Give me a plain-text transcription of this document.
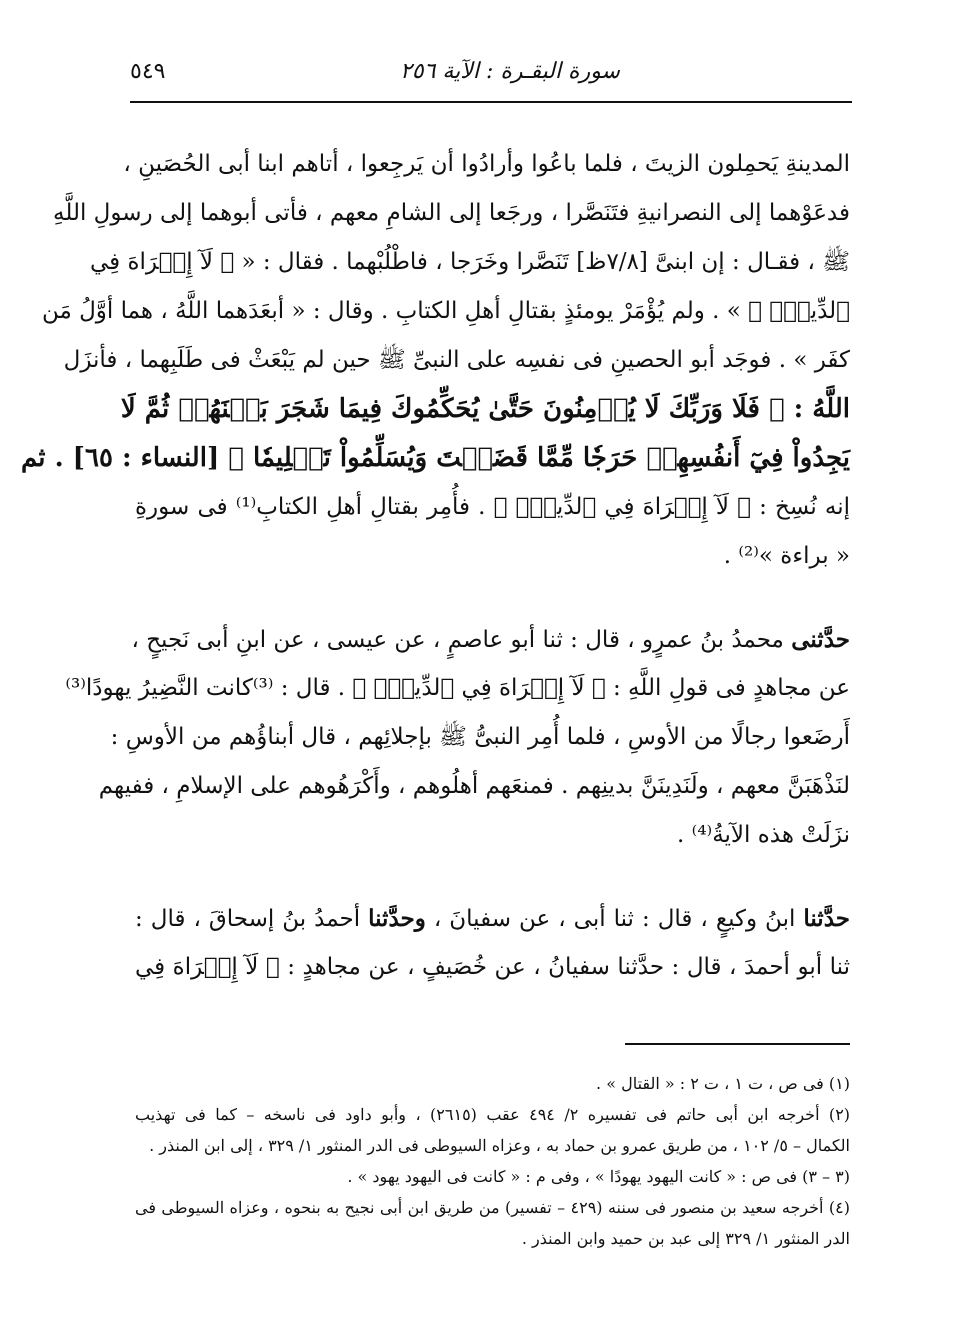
سورة البقـرة : الآية ٢٥٦
٥٤٩
المدينةِ يَحمِلون الزيتَ ، فلما باعُوا وأرادُوا أن يَرجِعوا ، أتاهم ابنا أبى الحُصَينِ ،
فدعَوْهما إلى النصرانيةِ فتَنَصَّرا ، ورجَعا إلى الشامِ معهم ، فأتى أبوهما إلى رسولِ اللَّهِ
ﷺ ، فقـال : إن ابنىَّ [٧/٨ظ] تَنَصَّرا وخَرَجا ، فاطْلُبْهما . فقال : « ﴿ لَآ إِكۡرَاهَ فِي
ٱلدِّينِۖ ﴾ » . ولم يُؤْمَرْ يومئذٍ بقتالِ أهلِ الكتابِ . وقال : « أبعَدَهما اللَّهُ ، هما أوَّلُ مَن
كفَر » . فوجَد أبو الحصينِ فى نفسِه على النبىِّ ﷺ حين لم يَبْعَثْ فى طَلَبِهما ، فأنزَل
اللَّهُ : ﴿ فَلَا وَرَبِّكَ لَا يُؤۡمِنُونَ حَتَّىٰ يُحَكِّمُوكَ فِيمَا شَجَرَ بَيۡنَهُمۡ ثُمَّ لَا
يَجِدُواْ فِيٓ أَنفُسِهِمۡ حَرَجٗا مِّمَّا قَضَيۡتَ وَيُسَلِّمُواْ تَسۡلِيمٗا ﴾ [النساء : ٦٥] . ثم
إنه نُسِخ : ﴿ لَآ إِكۡرَاهَ فِي ٱلدِّينِۖ ﴾ . فأُمِر بقتالِ أهلِ الكتابِ⁽¹⁾ فى سورةِ
« براءة »⁽²⁾ .
حدَّثنى محمدُ بنُ عمرٍو ، قال : ثنا أبو عاصمٍ ، عن عيسى ، عن ابنِ أبى نَجيحٍ ،
عن مجاهدٍ فى قولِ اللَّهِ : ﴿ لَآ إِكۡرَاهَ فِي ٱلدِّينِۖ ﴾ . قال : ⁽³⁾كانت النَّضِيرُ يهودًا⁽³⁾
أَرضَعوا رجالًا من الأوسِ ، فلما أُمِر النبىُّ ﷺ بإجلائِهم ، قال أبناؤُهم من الأوسِ :
لنَذْهَبَنَّ معهم ، ولَنَدِينَنَّ بدينِهم . فمنعَهم أهلُوهم ، وأَكْرَهُوهم على الإسلامِ ، ففيهم
نزَلَتْ هذه الآيةُ⁽⁴⁾ .
حدَّثنا ابنُ وكيعٍ ، قال : ثنا أبى ، عن سفيانَ ، وحدَّثنا أحمدُ بنُ إسحاقَ ، قال :
ثنا أبو أحمدَ ، قال : حدَّثنا سفيانُ ، عن خُصَيفٍ ، عن مجاهدٍ : ﴿ لَآ إِكۡرَاهَ فِي
(١) فى ص ، ت ١ ، ت ٢ : « القتال » .
(٢) أخرجه ابن أبى حاتم فى تفسيره ٢/ ٤٩٤ عقب (٢٦١٥) ، وأبو داود فى ناسخه – كما فى تهذيب
الكمال – ٥/ ١٠٢ ، من طريق عمرو بن حماد به ، وعزاه السيوطى فى الدر المنثور ١/ ٣٢٩ ، إلى ابن المنذر .
(٣ – ٣) فى ص : « كانت اليهود يهودًا » ، وفى م : « كانت فى اليهود يهود » .
(٤) أخرجه سعيد بن منصور فى سننه (٤٢٩ – تفسير) من طريق ابن أبى نجيح به بنحوه ، وعزاه السيوطى فى
الدر المنثور ١/ ٣٢٩ إلى عبد بن حميد وابن المنذر .
